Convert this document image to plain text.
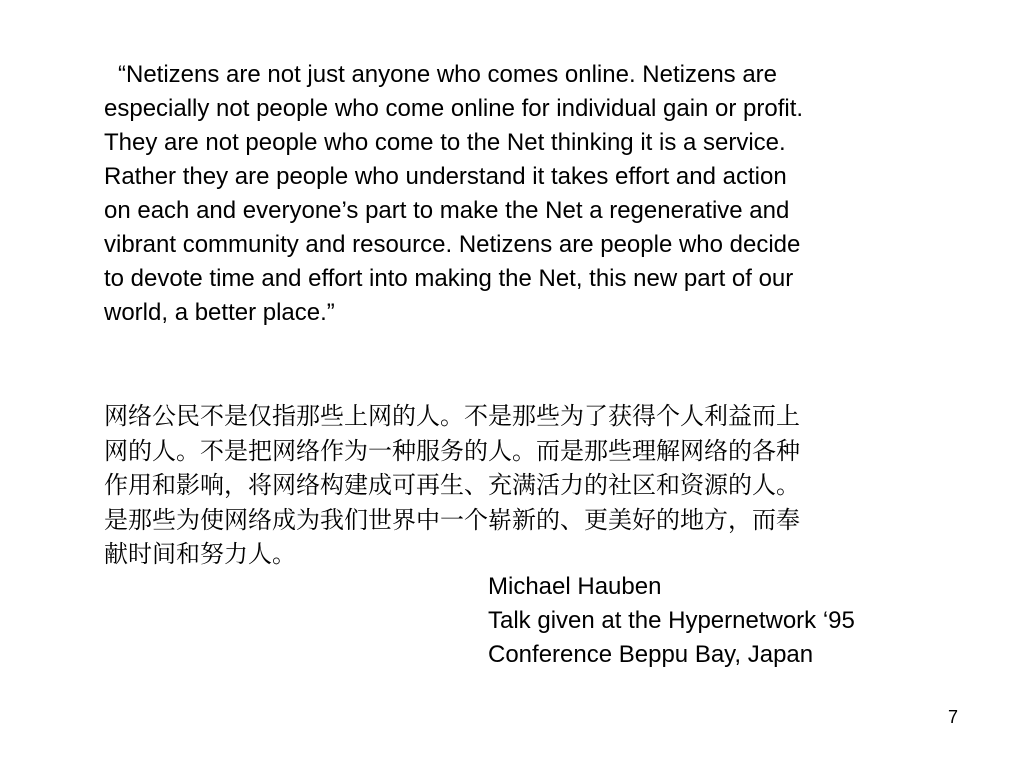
“Netizens are not just anyone who comes online. Netizens are
especially not people who come online for individual gain or profit.
They are not people who come to the Net thinking it is a service.
Rather they are people who understand it takes effort and action
on each and everyone’s part to make the Net a regenerative and
vibrant community and resource. Netizens are people who decide
to devote time and effort into making the Net, this new part of our
world, a better place.”

网络公民不是仅指那些上网的人。不是那些为了获得个人利益而上
网的人。不是把网络作为一种服务的人。而是那些理解网络的各种
作用和影响，将网络构建成可再生、充满活力的社区和资源的人。
是那些为使网络成为我们世界中一个崭新的、更美好的地方，而奉
献时间和努力人。

Michael Hauben
Talk given at the Hypernetwork ‘95
Conference Beppu Bay, Japan
7
